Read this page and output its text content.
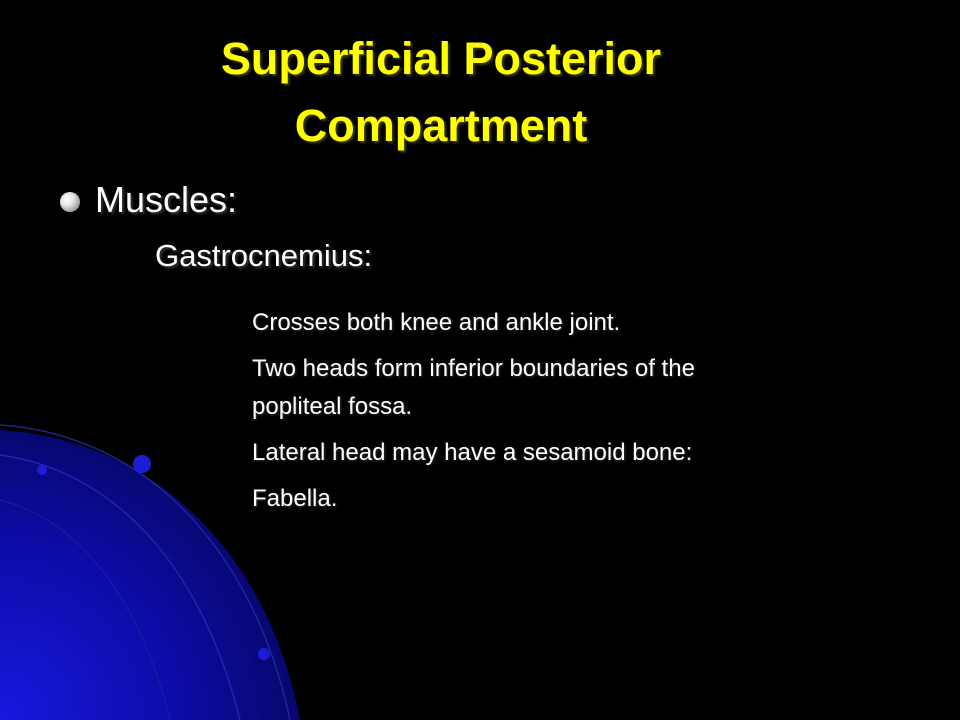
Superficial Posterior
Compartment
Muscles:
Gastrocnemius:
Crosses both knee and ankle joint.
Two heads form inferior boundaries of the
popliteal fossa.
Lateral head may have a sesamoid bone:
Fabella.
